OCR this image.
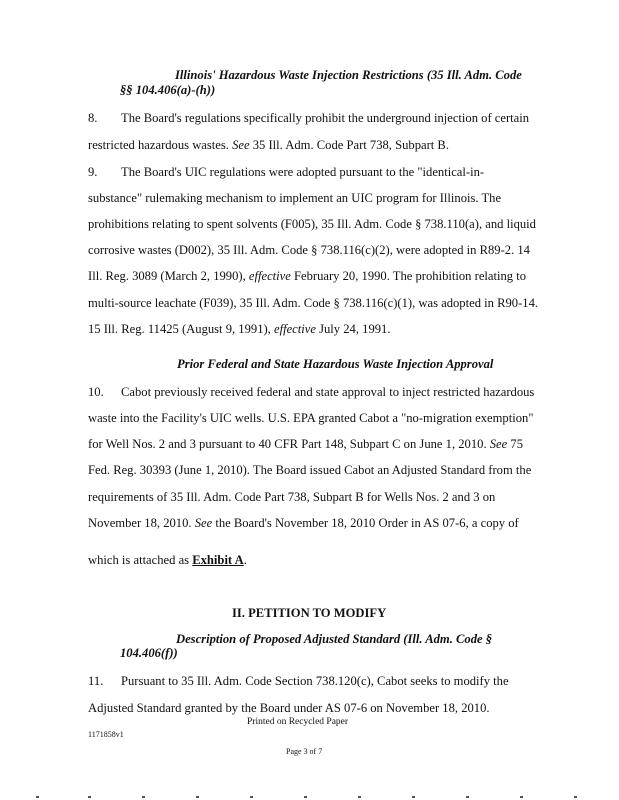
Illinois' Hazardous Waste Injection Restrictions (35 Ill. Adm. Code
§§ 104.406(a)-(h))
8. The Board's regulations specifically prohibit the underground injection of certain
restricted hazardous wastes. See 35 Ill. Adm. Code Part 738, Subpart B.
9. The Board's UIC regulations were adopted pursuant to the "identical-in-
substance" rulemaking mechanism to implement an UIC program for Illinois. The
prohibitions relating to spent solvents (F005), 35 Ill. Adm. Code § 738.110(a), and liquid
corrosive wastes (D002), 35 Ill. Adm. Code § 738.116(c)(2), were adopted in R89-2. 14
Ill. Reg. 3089 (March 2, 1990), effective February 20, 1990. The prohibition relating to
multi-source leachate (F039), 35 Ill. Adm. Code § 738.116(c)(1), was adopted in R90-14.
15 Ill. Reg. 11425 (August 9, 1991), effective July 24, 1991.
Prior Federal and State Hazardous Waste Injection Approval
10. Cabot previously received federal and state approval to inject restricted hazardous
waste into the Facility's UIC wells. U.S. EPA granted Cabot a "no-migration exemption"
for Well Nos. 2 and 3 pursuant to 40 CFR Part 148, Subpart C on June 1, 2010. See 75
Fed. Reg. 30393 (June 1, 2010). The Board issued Cabot an Adjusted Standard from the
requirements of 35 Ill. Adm. Code Part 738, Subpart B for Wells Nos. 2 and 3 on
November 18, 2010. See the Board's November 18, 2010 Order in AS 07-6, a copy of
which is attached as Exhibit A.
II. PETITION TO MODIFY
Description of Proposed Adjusted Standard (Ill. Adm. Code §
104.406(f))
11. Pursuant to 35 Ill. Adm. Code Section 738.120(c), Cabot seeks to modify the
Adjusted Standard granted by the Board under AS 07-6 on November 18, 2010.
Printed on Recycled Paper
1171858v1
Page 3 of 7
